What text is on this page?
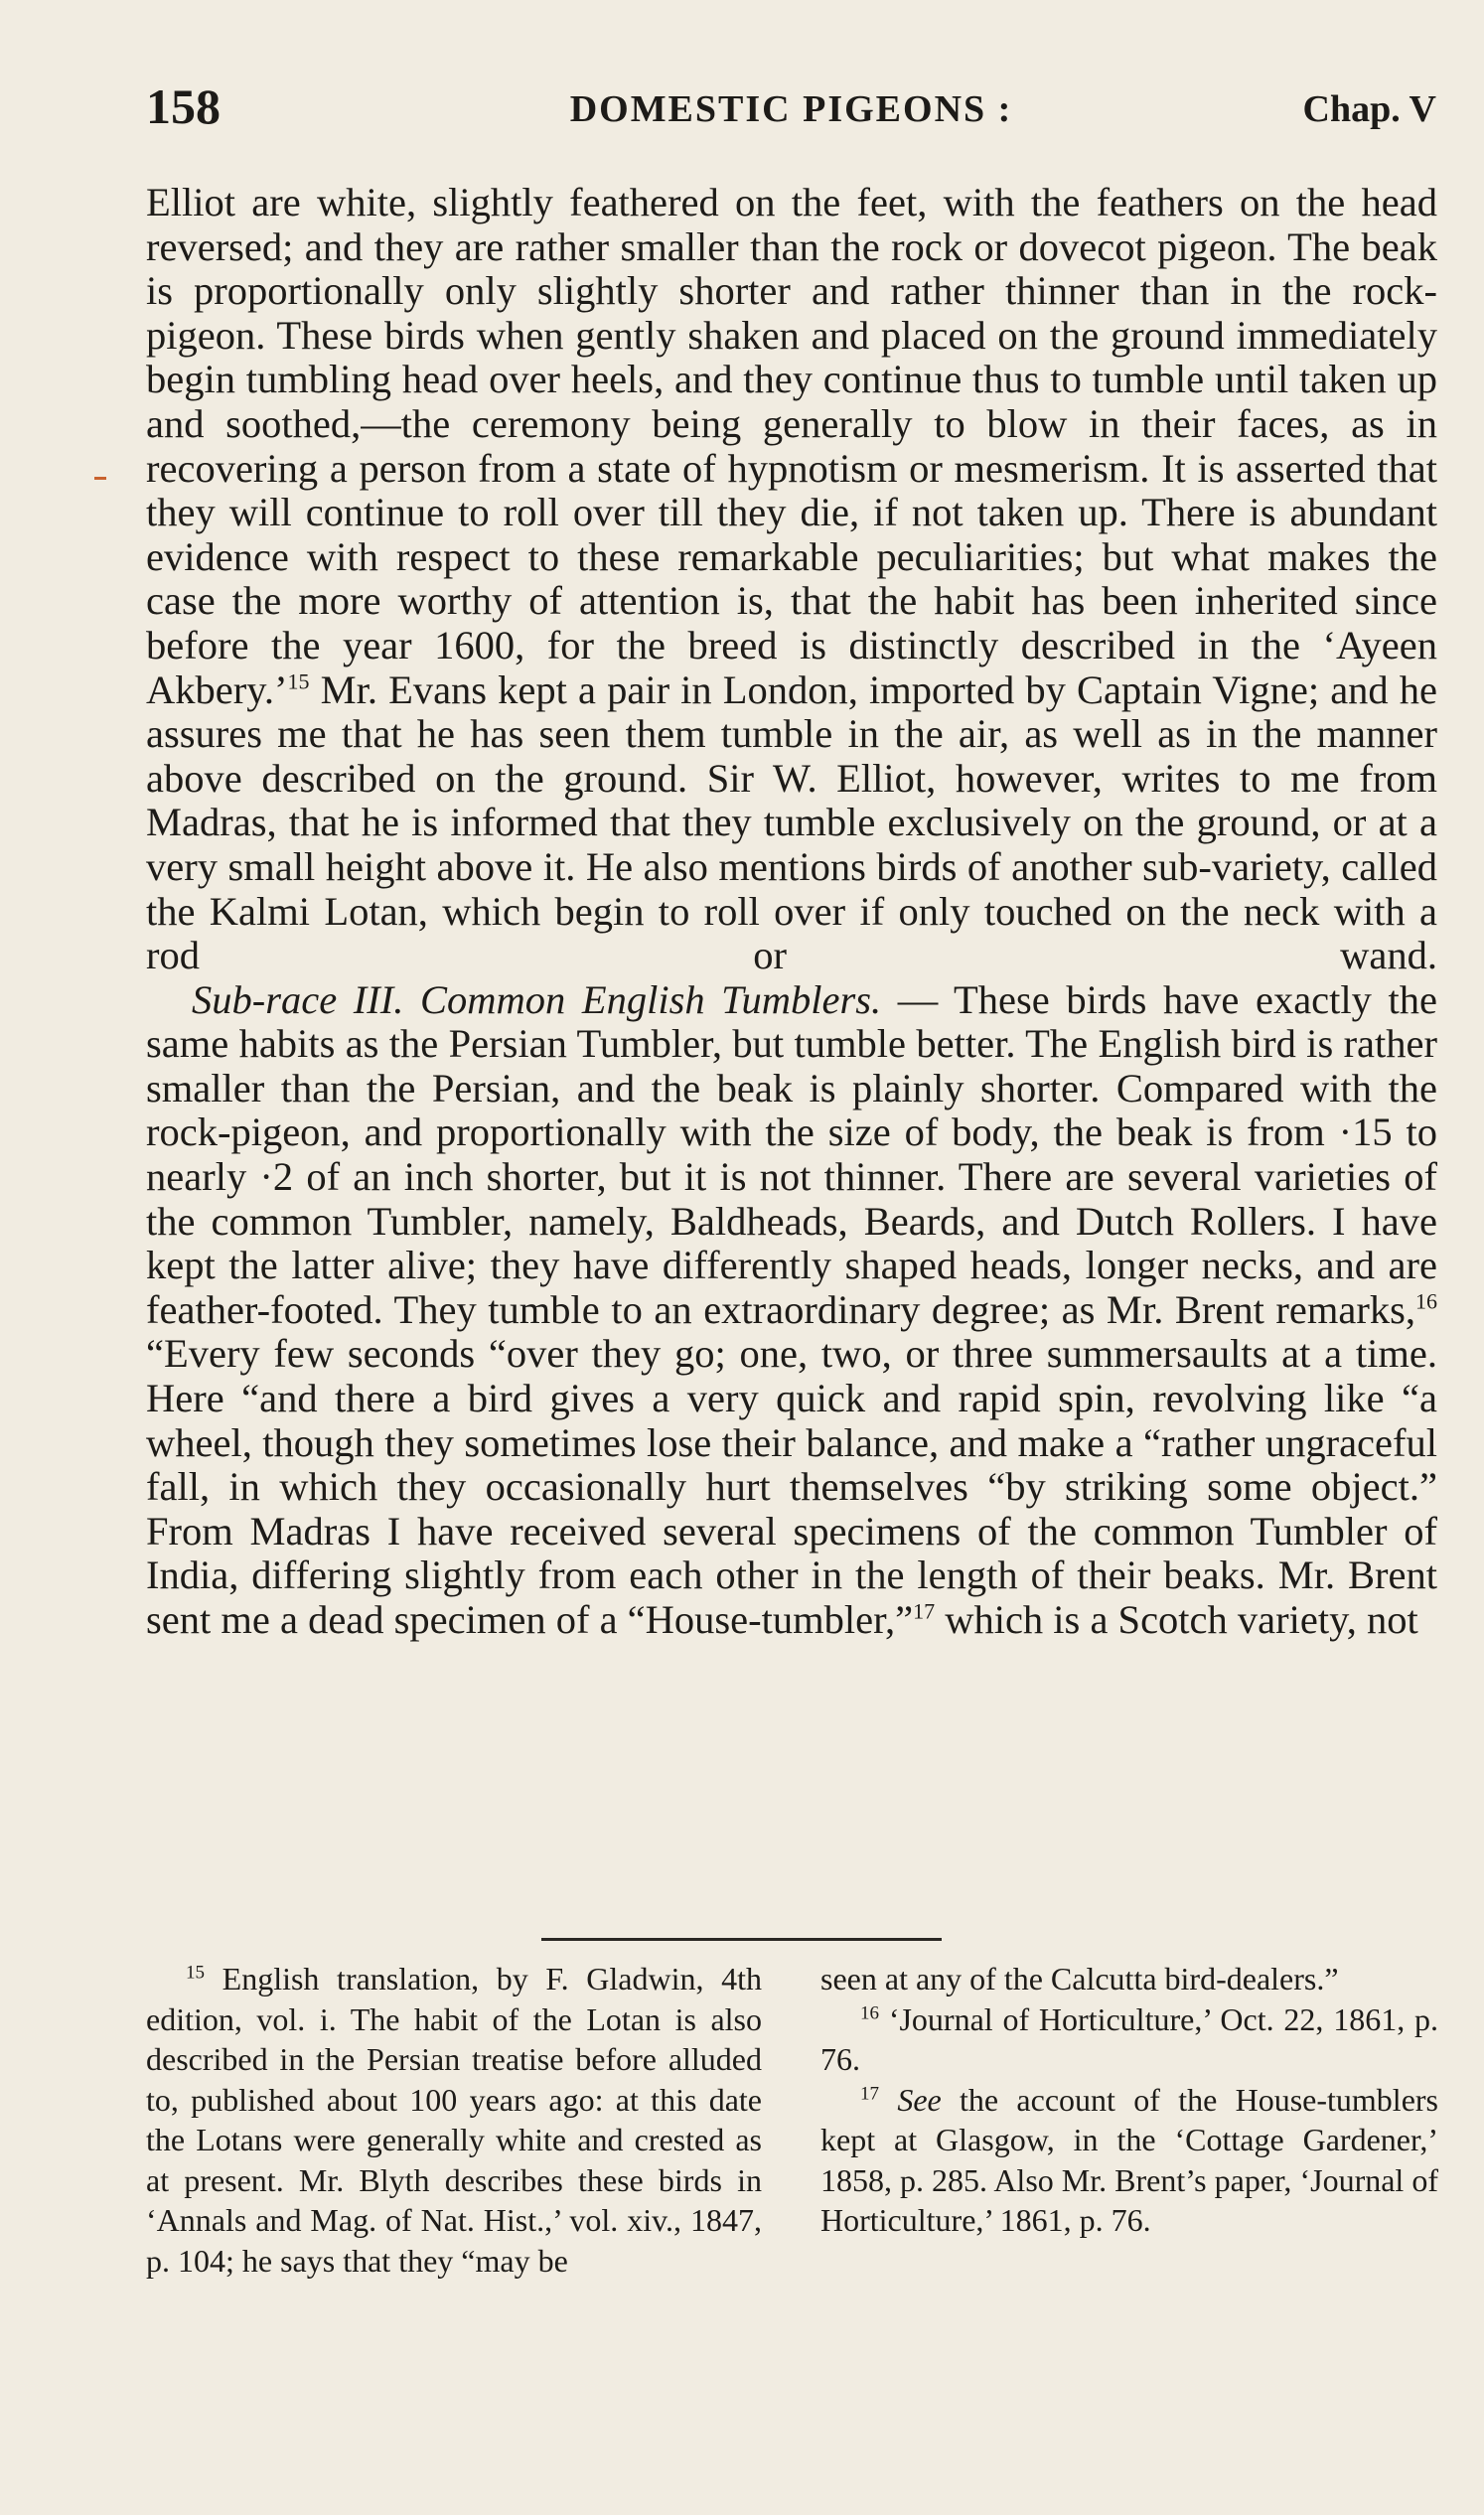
158	DOMESTIC PIGEONS :	Chap. V

Elliot are white, slightly feathered on the feet, with the feathers on the head reversed; and they are rather smaller than the rock or dovecot pigeon. The beak is proportionally only slightly shorter and rather thinner than in the rock-pigeon. These birds when gently shaken and placed on the ground immediately begin tumbling head over heels, and they continue thus to tumble until taken up and soothed,—the ceremony being generally to blow in their faces, as in recovering a person from a state of hypnotism or mesmerism. It is asserted that they will continue to roll over till they die, if not taken up. There is abundant evidence with respect to these remarkable peculiarities; but what makes the case the more worthy of attention is, that the habit has been inherited since before the year 1600, for the breed is distinctly described in the ‘Ayeen Akbery.’$^{15}$ Mr. Evans kept a pair in London, imported by Captain Vigne; and he assures me that he has seen them tumble in the air, as well as in the manner above described on the ground. Sir W. Elliot, however, writes to me from Madras, that he is informed that they tumble exclusively on the ground, or at a very small height above it. He also mentions birds of another sub-variety, called the Kalmi Lotan, which begin to roll over if only touched on the neck with a rod or wand.

Sub-race III. Common English Tumblers. — These birds have exactly the same habits as the Persian Tumbler, but tumble better. The English bird is rather smaller than the Persian, and the beak is plainly shorter. Compared with the rock-pigeon, and proportionally with the size of body, the beak is from ·15 to nearly ·2 of an inch shorter, but it is not thinner. There are several varieties of the common Tumbler, namely, Baldheads, Beards, and Dutch Rollers. I have kept the latter alive; they have differently shaped heads, longer necks, and are feather-footed. They tumble to an extraordinary degree; as Mr. Brent remarks,$^{16}$ “Every few seconds “over they go; one, two, or three summersaults at a time. Here “and there a bird gives a very quick and rapid spin, revolving like “a wheel, though they sometimes lose their balance, and make a “rather ungraceful fall, in which they occasionally hurt themselves “by striking some object.” From Madras I have received several specimens of the common Tumbler of India, differing slightly from each other in the length of their beaks. Mr. Brent sent me a dead specimen of a “House-tumbler,”$^{17}$ which is a Scotch variety, not

$^{15}$ English translation, by F. Gladwin, 4th edition, vol. i. The habit of the Lotan is also described in the Persian treatise before alluded to, published about 100 years ago: at this date the Lotans were generally white and crested as at present. Mr. Blyth describes these birds in ‘Annals and Mag. of Nat. Hist.,’ vol. xiv., 1847, p. 104; he says that they “may be

seen at any of the Calcutta bird-dealers.”

$^{16}$ ‘Journal of Horticulture,’ Oct. 22, 1861, p. 76.

$^{17}$ See the account of the House-tumblers kept at Glasgow, in the ‘Cottage Gardener,’ 1858, p. 285. Also Mr. Brent’s paper, ‘Journal of Horticulture,’ 1861, p. 76.
